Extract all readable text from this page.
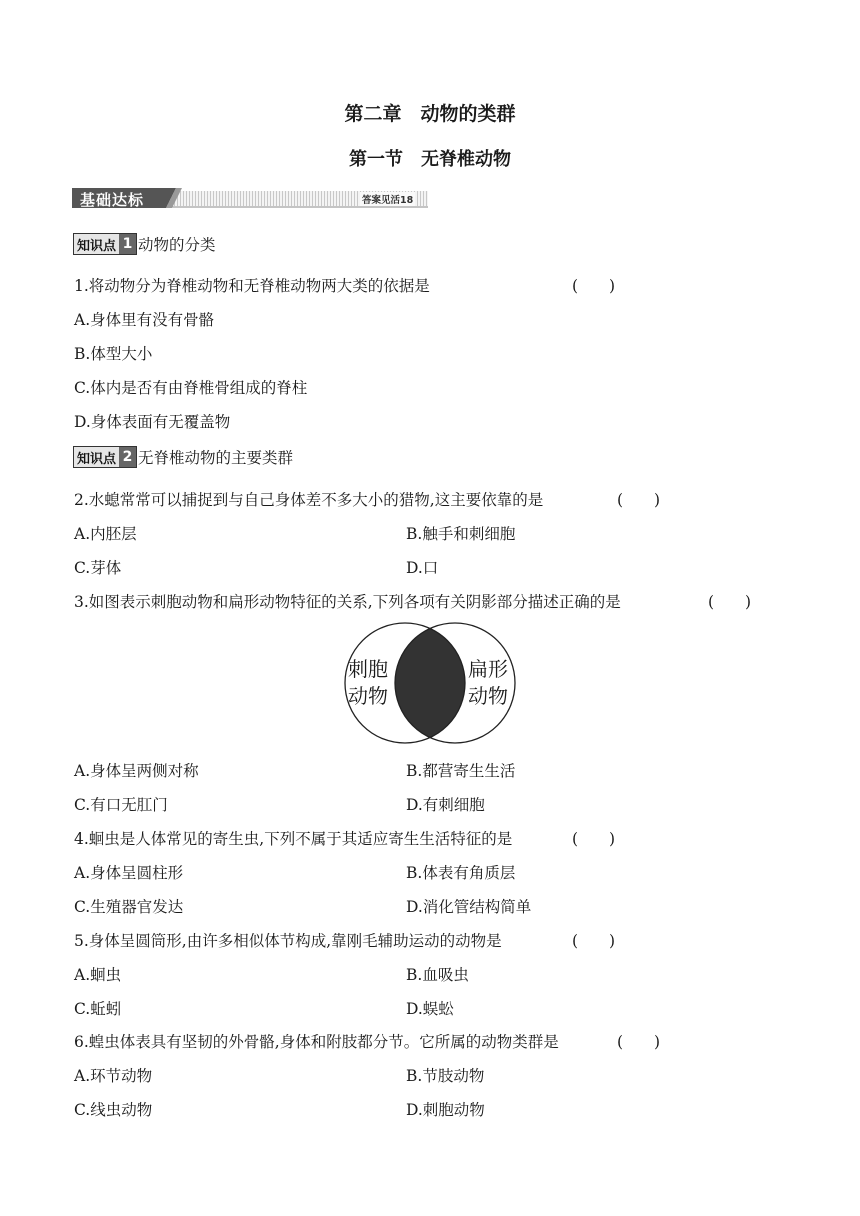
第二章　动物的类群
第一节　无脊椎动物
基础达标	答案见活18
知识点 1 动物的分类
1.将动物分为脊椎动物和无脊椎动物两大类的依据是	(　　)
A.身体里有没有骨骼
B.体型大小
C.体内是否有由脊椎骨组成的脊柱
D.身体表面有无覆盖物
知识点 2 无脊椎动物的主要类群
2.水螅常常可以捕捉到与自己身体差不多大小的猎物,这主要依靠的是	(　　)
A.内胚层	B.触手和刺细胞
C.芽体	D.口
3.如图表示刺胞动物和扁形动物特征的关系,下列各项有关阴影部分描述正确的是	(　　)
刺胞
动物
扁形
动物
A.身体呈两侧对称	B.都营寄生生活
C.有口无肛门	D.有刺细胞
4.蛔虫是人体常见的寄生虫,下列不属于其适应寄生生活特征的是	(　　)
A.身体呈圆柱形	B.体表有角质层
C.生殖器官发达	D.消化管结构简单
5.身体呈圆筒形,由许多相似体节构成,靠刚毛辅助运动的动物是	(　　)
A.蛔虫	B.血吸虫
C.蚯蚓	D.蜈蚣
6.蝗虫体表具有坚韧的外骨骼,身体和附肢都分节。它所属的动物类群是	(　　)
A.环节动物	B.节肢动物
C.线虫动物	D.刺胞动物
